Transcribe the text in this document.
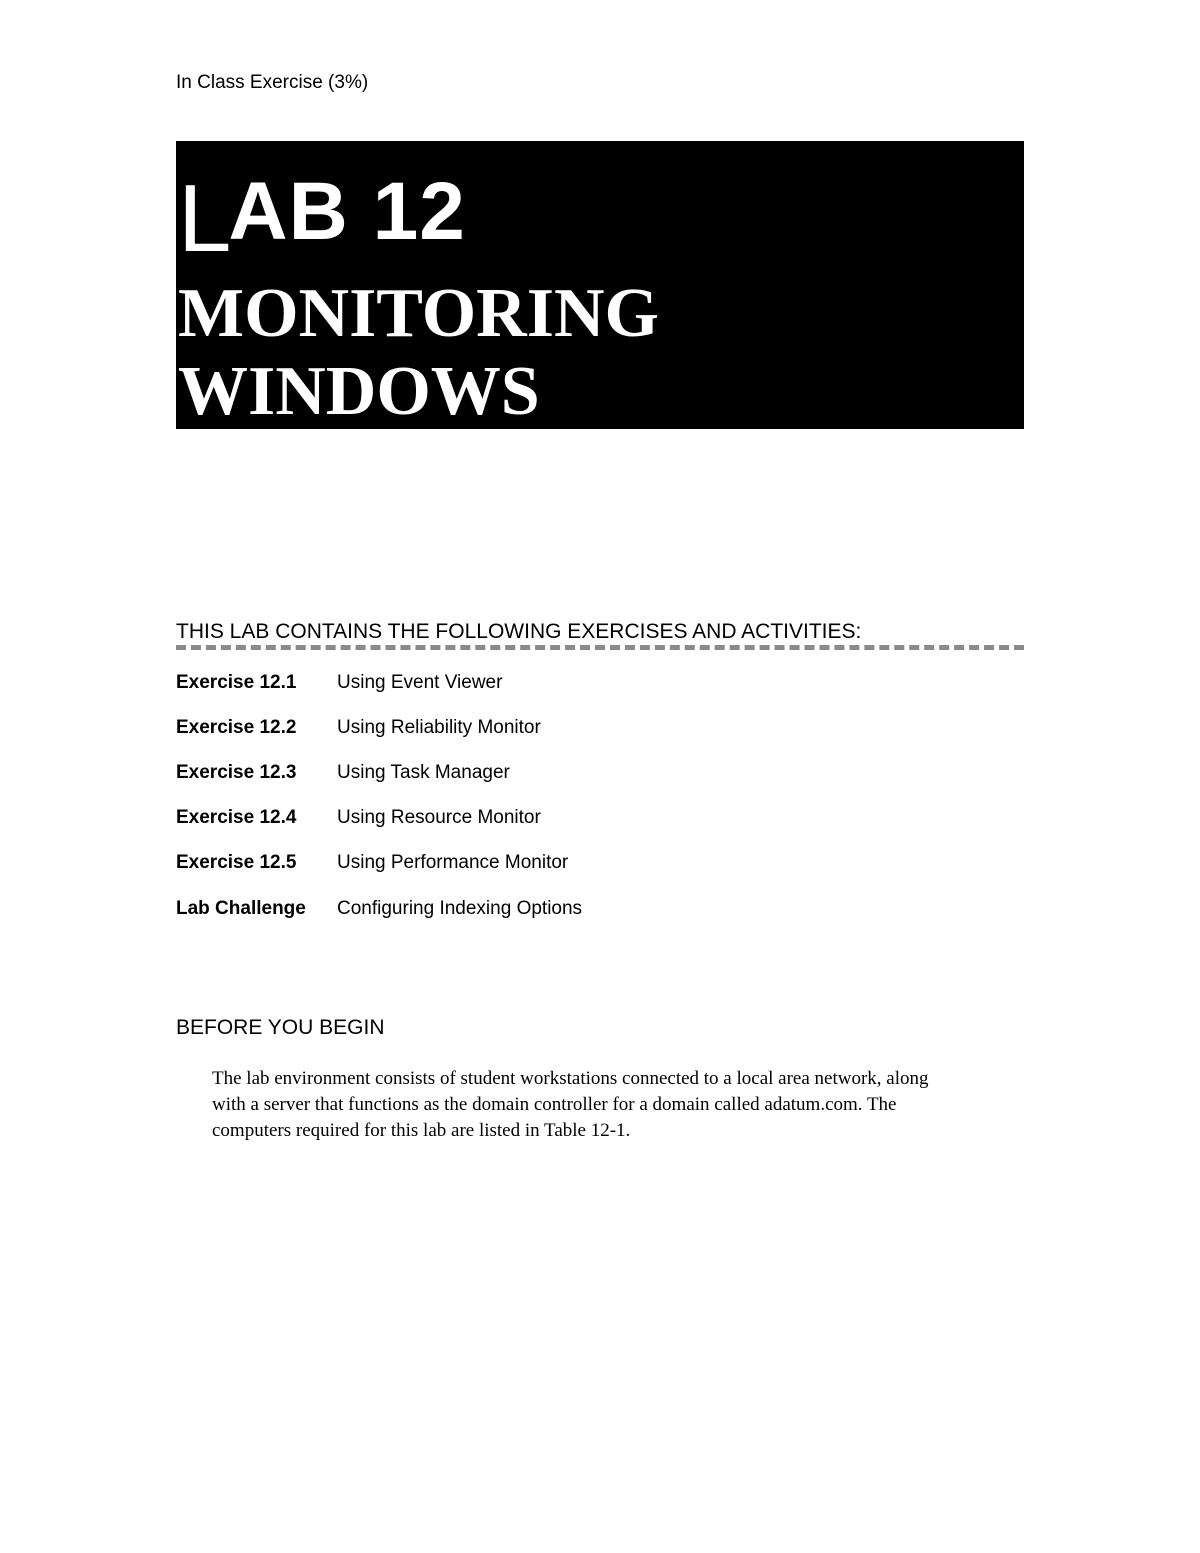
In Class Exercise (3%)
LAB 12
MONITORING
WINDOWS
THIS LAB CONTAINS THE FOLLOWING EXERCISES AND ACTIVITIES:
Exercise 12.1 Using Event Viewer
Exercise 12.2 Using Reliability Monitor
Exercise 12.3 Using Task Manager
Exercise 12.4 Using Resource Monitor
Exercise 12.5 Using Performance Monitor
Lab Challenge Configuring Indexing Options
BEFORE YOU BEGIN
The lab environment consists of student workstations connected to a local area network, along with a server that functions as the domain controller for a domain called adatum.com. The computers required for this lab are listed in Table 12-1.
